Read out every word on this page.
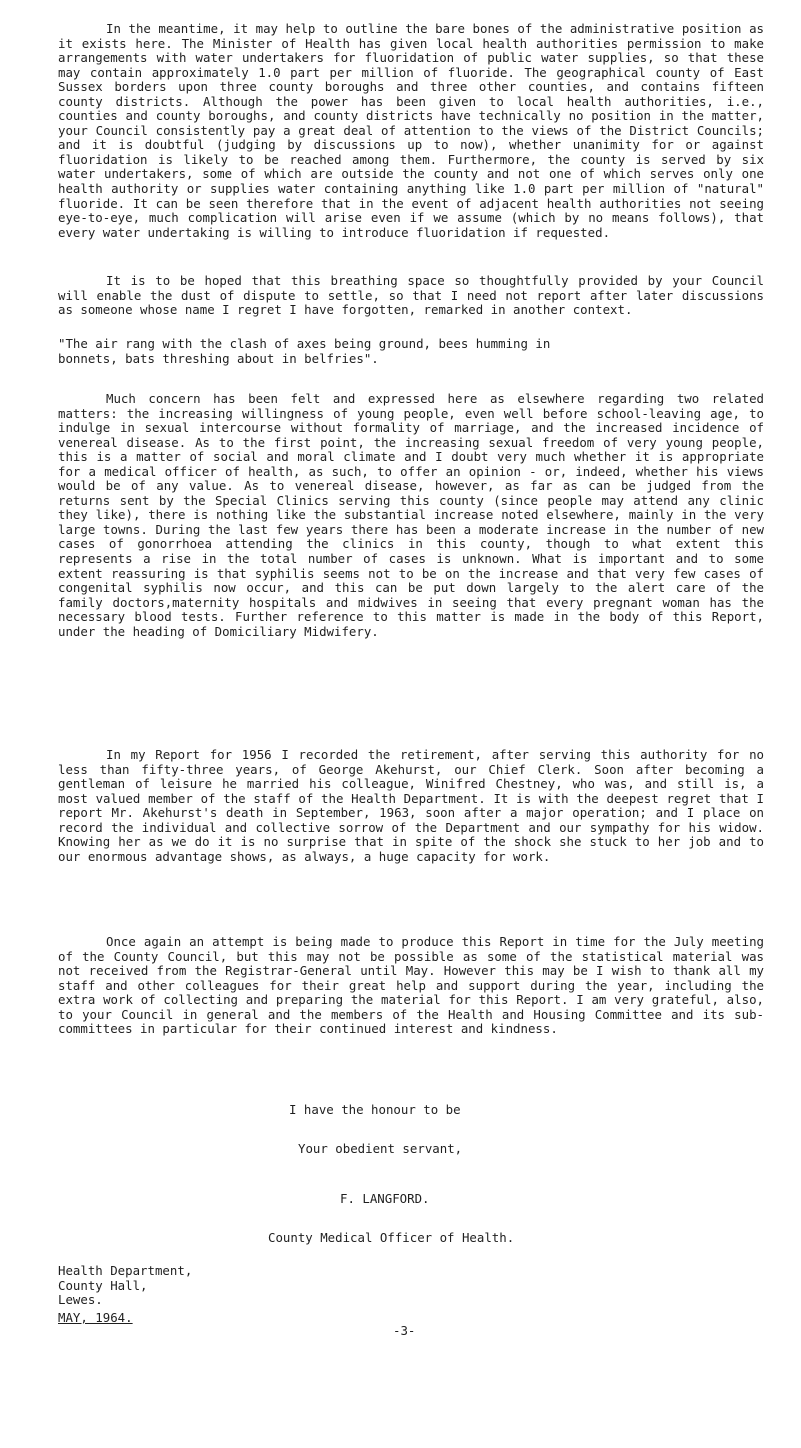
In the meantime, it may help to outline the bare bones of the administrative position as it exists here. The Minister of Health has given local health authorities permission to make arrangements with water undertakers for fluoridation of public water supplies, so that these may contain approximately 1.0 part per million of fluoride. The geographical county of East Sussex borders upon three county boroughs and three other counties, and contains fifteen county districts. Although the power has been given to local health authorities, i.e., counties and county boroughs, and county districts have technically no position in the matter, your Council consistently pay a great deal of attention to the views of the District Councils; and it is doubtful (judging by discussions up to now), whether unanimity for or against fluoridation is likely to be reached among them. Furthermore, the county is served by six water undertakers, some of which are outside the county and not one of which serves only one health authority or supplies water containing anything like 1.0 part per million of "natural" fluoride. It can be seen therefore that in the event of adjacent health authorities not seeing eye-to-eye, much complication will arise even if we assume (which by no means follows), that every water undertaking is willing to introduce fluoridation if requested.

It is to be hoped that this breathing space so thoughtfully provided by your Council will enable the dust of dispute to settle, so that I need not report after later discussions as someone whose name I regret I have forgotten, remarked in another context.

"The air rang with the clash of axes being ground, bees humming in bonnets, bats threshing about in belfries".

Much concern has been felt and expressed here as elsewhere regarding two related matters: the increasing willingness of young people, even well before school-leaving age, to indulge in sexual intercourse without formality of marriage, and the increased incidence of venereal disease. As to the first point, the increasing sexual freedom of very young people, this is a matter of social and moral climate and I doubt very much whether it is appropriate for a medical officer of health, as such, to offer an opinion - or, indeed, whether his views would be of any value. As to venereal disease, however, as far as can be judged from the returns sent by the Special Clinics serving this county (since people may attend any clinic they like), there is nothing like the substantial increase noted elsewhere, mainly in the very large towns. During the last few years there has been a moderate increase in the number of new cases of gonorrhoea attending the clinics in this county, though to what extent this represents a rise in the total number of cases is unknown. What is important and to some extent reassuring is that syphilis seems not to be on the increase and that very few cases of congenital syphilis now occur, and this can be put down largely to the alert care of the family doctors,maternity hospitals and midwives in seeing that every pregnant woman has the necessary blood tests. Further reference to this matter is made in the body of this Report, under the heading of Domiciliary Midwifery.

In my Report for 1956 I recorded the retirement, after serving this authority for no less than fifty-three years, of George Akehurst, our Chief Clerk. Soon after becoming a gentleman of leisure he married his colleague, Winifred Chestney, who was, and still is, a most valued member of the staff of the Health Department. It is with the deepest regret that I report Mr. Akehurst's death in September, 1963, soon after a major operation; and I place on record the individual and collective sorrow of the Department and our sympathy for his widow. Knowing her as we do it is no surprise that in spite of the shock she stuck to her job and to our enormous advantage shows, as always, a huge capacity for work.

Once again an attempt is being made to produce this Report in time for the July meeting of the County Council, but this may not be possible as some of the statistical material was not received from the Registrar-General until May. However this may be I wish to thank all my staff and other colleagues for their great help and support during the year, including the extra work of collecting and preparing the material for this Report. I am very grateful, also, to your Council in general and the members of the Health and Housing Committee and its sub-committees in particular for their continued interest and kindness.

I have the honour to be

Your obedient servant,

F. LANGFORD.

County Medical Officer of Health.

Health Department,
County Hall,
Lewes.

MAY, 1964.

-3-
